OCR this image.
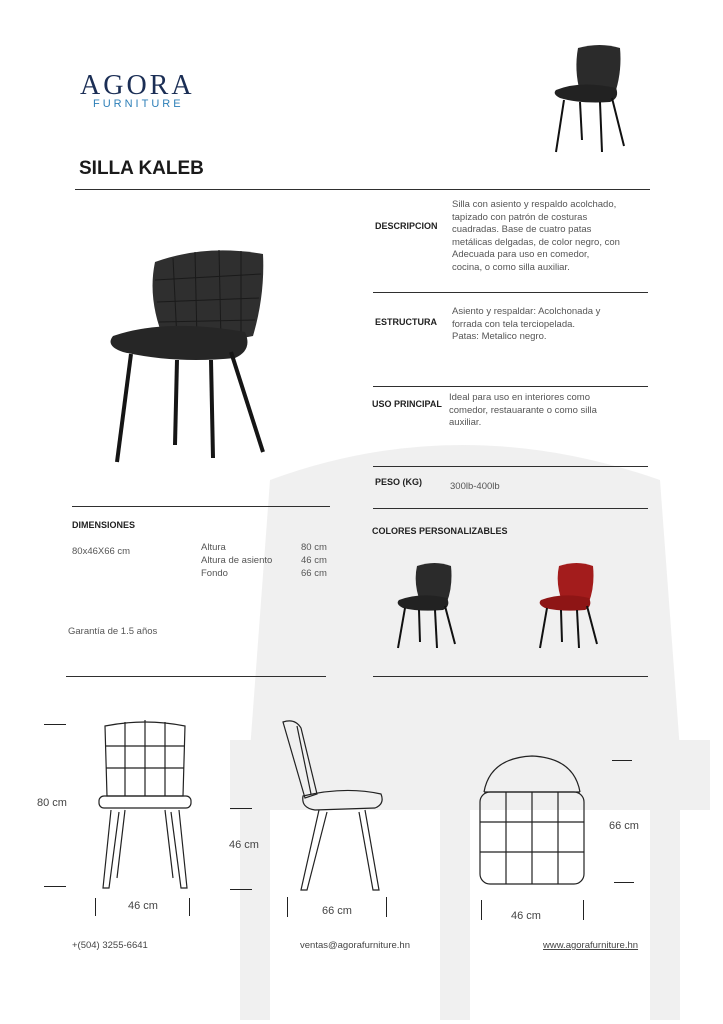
AGORA
FURNITURE
SILLA KALEB
DESCRIPCION
Silla con asiento y respaldo acolchado,
tapizado con patrón de costuras
cuadradas. Base de cuatro patas
metálicas delgadas, de color negro, con
Adecuada para uso en comedor,
cocina, o como silla auxiliar.
ESTRUCTURA
Asiento y respaldar: Acolchonada y
forrada con tela terciopelada.
Patas: Metalico negro.
USO PRINCIPAL
Ideal para uso en interiores como
comedor, restauarante o como silla
auxiliar.
PESO (KG)	300lb-400lb
COLORES PERSONALIZABLES
DIMENSIONES
80x46X66 cm	Altura	80 cm
Altura de asiento	46 cm
Fondo	66 cm
Garantía de 1.5 años
80 cm
46 cm
46 cm
66 cm
66 cm
46 cm
+(504) 3255-6641	ventas@agorafurniture.hn	www.agorafurniture.hn
